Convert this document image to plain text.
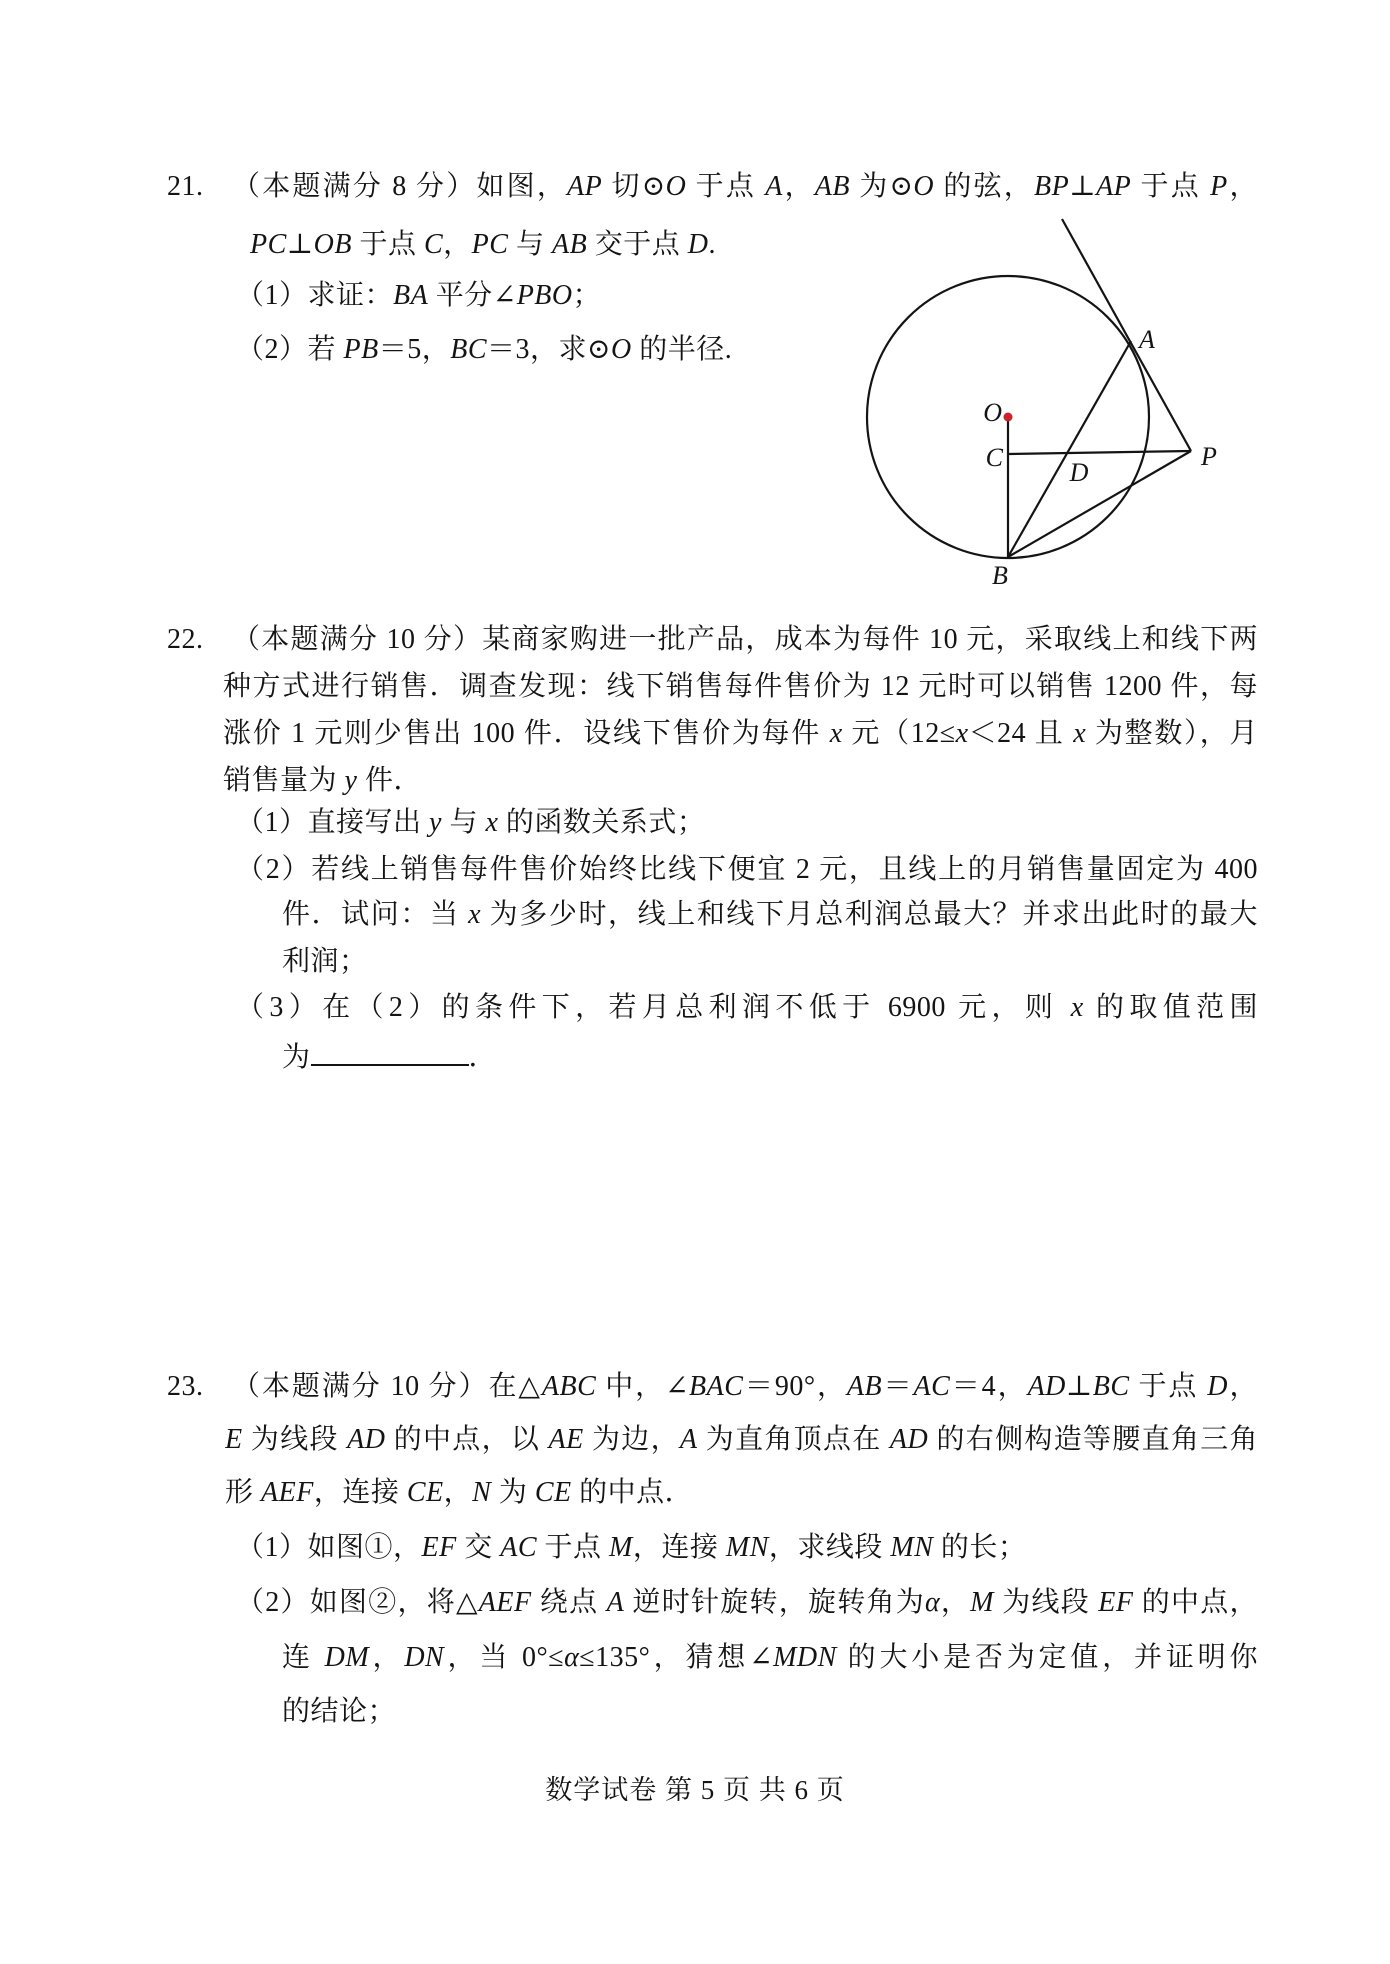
21. （本题满分 8 分）如图，AP 切⊙O 于点 A，AB 为⊙O 的弦，BP⊥AP 于点 P，
PC⊥OB 于点 C，PC 与 AB 交于点 D.
（1）求证：BA 平分∠PBO；
（2）若 PB＝5，BC＝3，求⊙O 的半径.
O
C
B
D
A
P
22. （本题满分 10 分）某商家购进一批产品，成本为每件 10 元，采取线上和线下两
种方式进行销售．调查发现：线下销售每件售价为 12 元时可以销售 1200 件，每
涨价 1 元则少售出 100 件．设线下售价为每件 x 元（12≤x＜24 且 x 为整数），月
销售量为 y 件．
（1）直接写出 y 与 x 的函数关系式；
（2）若线上销售每件售价始终比线下便宜 2 元，且线上的月销售量固定为 400
件．试问：当 x 为多少时，线上和线下月总利润总最大？并求出此时的最大
利润；
（3）在（2）的条件下，若月总利润不低于 6900 元，则 x 的取值范围
为	．
23. （本题满分 10 分）在△ABC 中，∠BAC＝90°，AB＝AC＝4，AD⊥BC 于点 D，
E 为线段 AD 的中点，以 AE 为边，A 为直角顶点在 AD 的右侧构造等腰直角三角
形 AEF，连接 CE，N 为 CE 的中点．
（1）如图①，EF 交 AC 于点 M，连接 MN，求线段 MN 的长；
（2）如图②，将△AEF 绕点 A 逆时针旋转，旋转角为α，M 为线段 EF 的中点，
连 DM，DN，当 0°≤α≤135°，猜想∠MDN 的大小是否为定值，并证明你
的结论；
数学试卷 第 5 页 共 6 页
